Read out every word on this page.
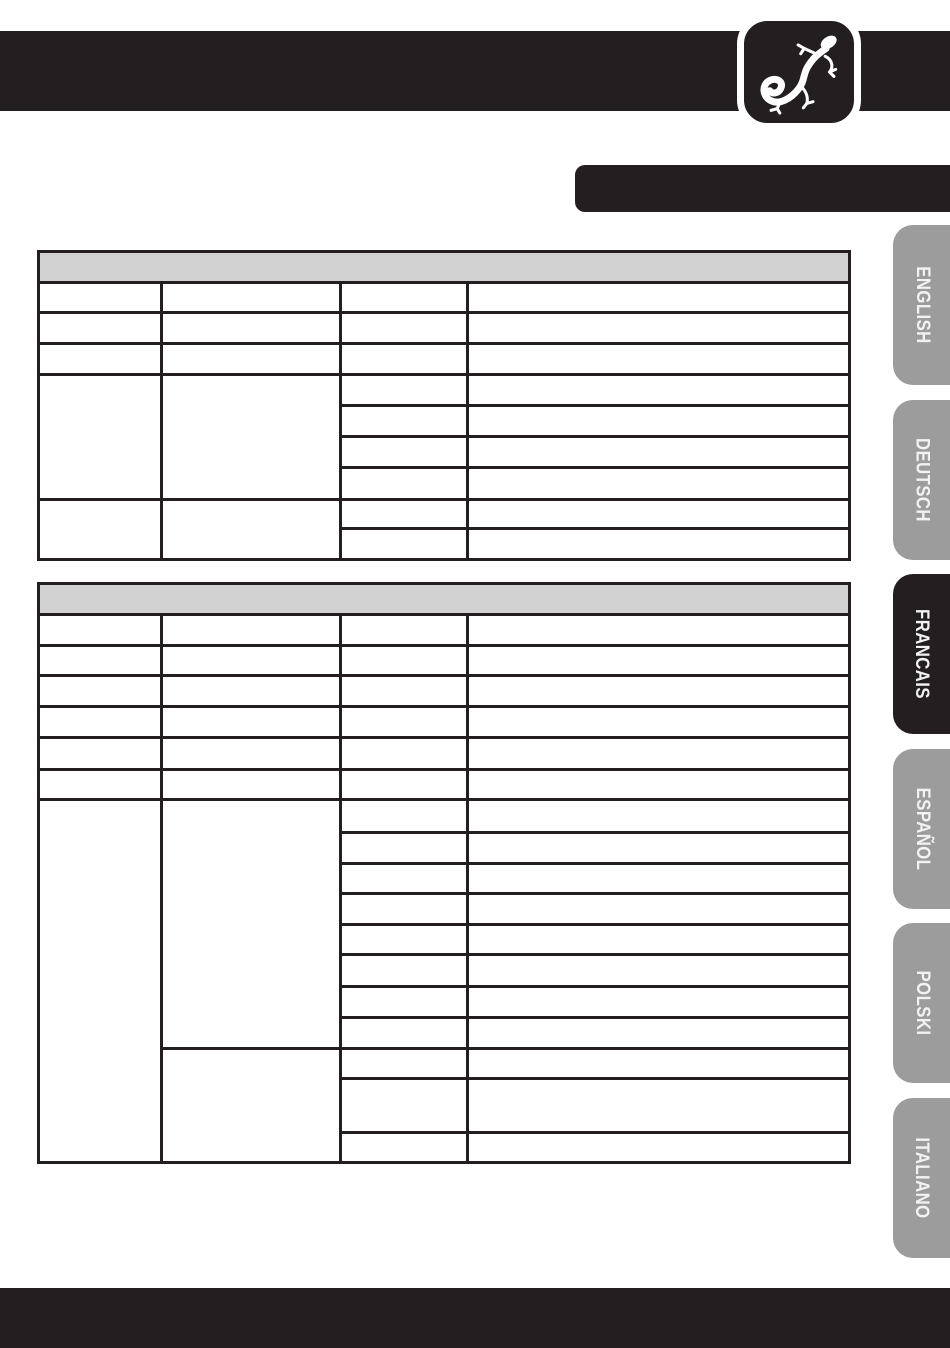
ENGLISH
DEUTSCH
FRANCAIS
ESPAÑOL
POLSKI
ITALIANO
